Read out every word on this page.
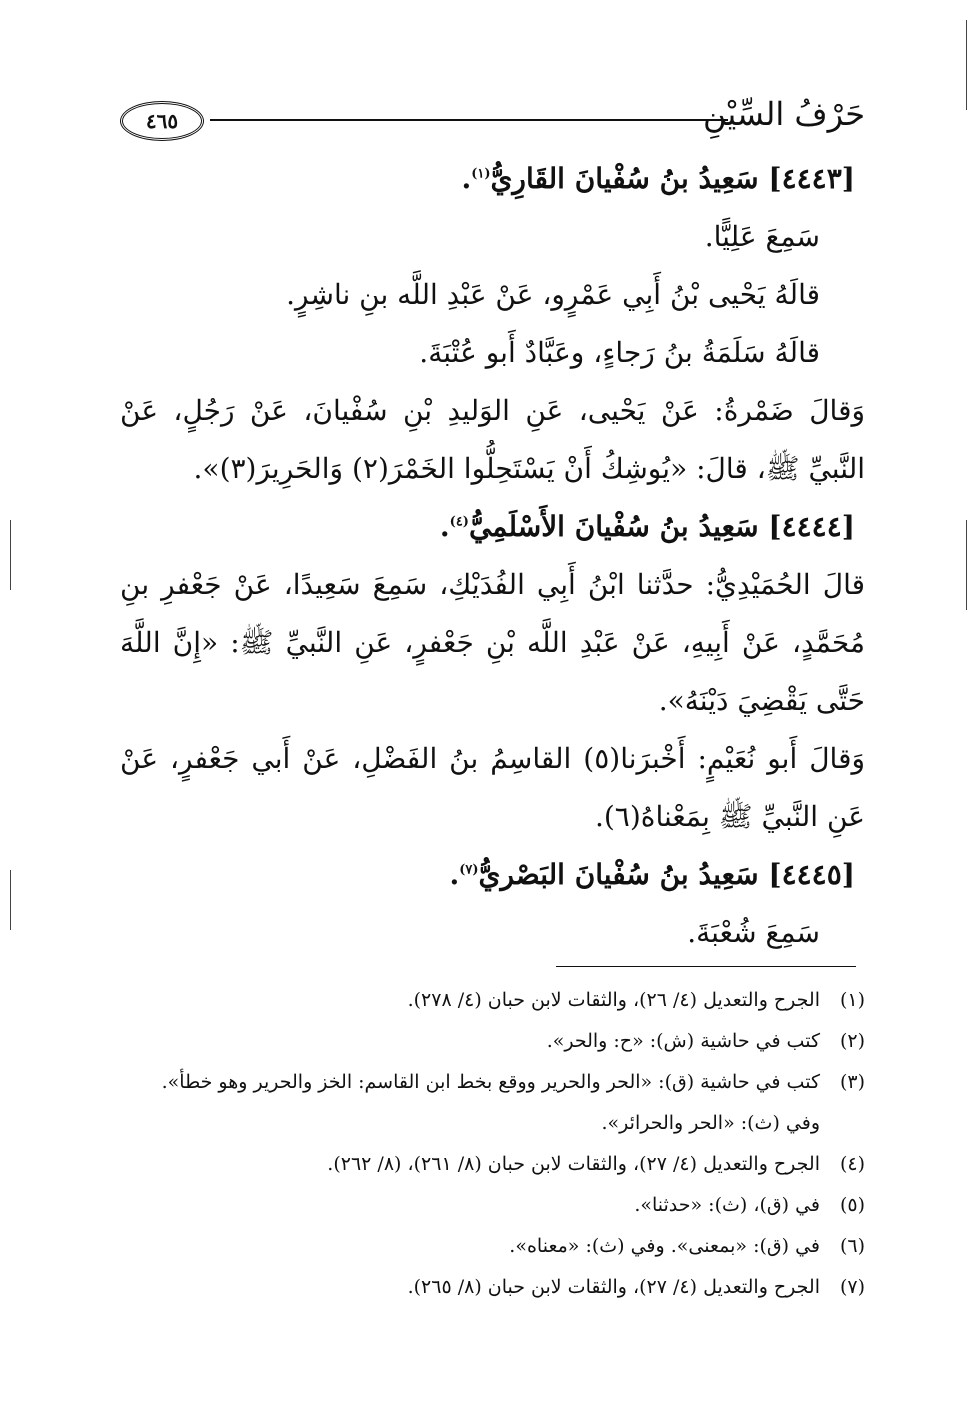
٤٦٥	حَرْفُ السِّيْنِ
[٤٤٤٣] سَعِيدُ بنُ سُفْيانَ القَارِيُّ$^{(١)}$.
سَمِعَ عَلِيًّا.
قالَهُ يَحْيى بْنُ أَبِي عَمْرٍو، عَنْ عَبْدِ اللَّه بنِ ناشِرٍ.
قالَهُ سَلَمَةُ بنُ رَجاءٍ، وعَبَّادٌ أَبو عُتْبَةَ.
وَقالَ ضَمْرةُ: عَنْ يَحْيى، عَنِ الوَليدِ بْنِ سُفْيانَ، عَنْ رَجُلٍ، عَنْ
النَّبيِّ ﷺ، قالَ: «يُوشِكُ أَنْ يَسْتَحِلُّوا الخَمْرَ(٢) وَالحَرِيرَ(٣)».
[٤٤٤٤] سَعِيدُ بنُ سُفْيانَ الأَسْلَمِيُّ$^{(٤)}$.
قالَ الحُمَيْدِيُّ: حدَّثنا ابْنُ أَبِي الفُدَيْكِ، سَمِعَ سَعِيدًا، عَنْ جَعْفرِ بنِ
مُحَمَّدٍ، عَنْ أَبِيهِ، عَنْ عَبْدِ اللَّه بْنِ جَعْفرٍ، عَنِ النَّبيِّ ﷺ: «إِنَّ اللَّهَ
حَتَّى يَقْضِيَ دَيْنَهُ».
وَقالَ أَبو نُعَيْمٍ: أَخْبرَنا(٥) القاسِمُ بنُ الفَضْلِ، عَنْ أَبي جَعْفرٍ، عَنْ
عَنِ النَّبيِّ ﷺ بِمَعْناهُ(٦).
[٤٤٤٥] سَعِيدُ بنُ سُفْيانَ البَصْريُّ$^{(٧)}$.
سَمِعَ شُعْبَةَ.
(١)الجرح والتعديل (٤/ ٢٦)، والثقات لابن حبان (٤/ ٢٧٨).
(٢)كتب في حاشية (ش): «ح: والحر».
(٣)كتب في حاشية (ق): «الحر والحرير ووقع بخط ابن القاسم: الخز والحرير وهو خطأ».
وفي (ث): «الحر والحرائر».
(٤)الجرح والتعديل (٤/ ٢٧)، والثقات لابن حبان (٨/ ٢٦١)، (٨/ ٢٦٢).
(٥)في (ق)، (ث): «حدثنا».
(٦)في (ق): «بمعنى». وفي (ث): «معناه».
(٧)الجرح والتعديل (٤/ ٢٧)، والثقات لابن حبان (٨/ ٢٦٥).
